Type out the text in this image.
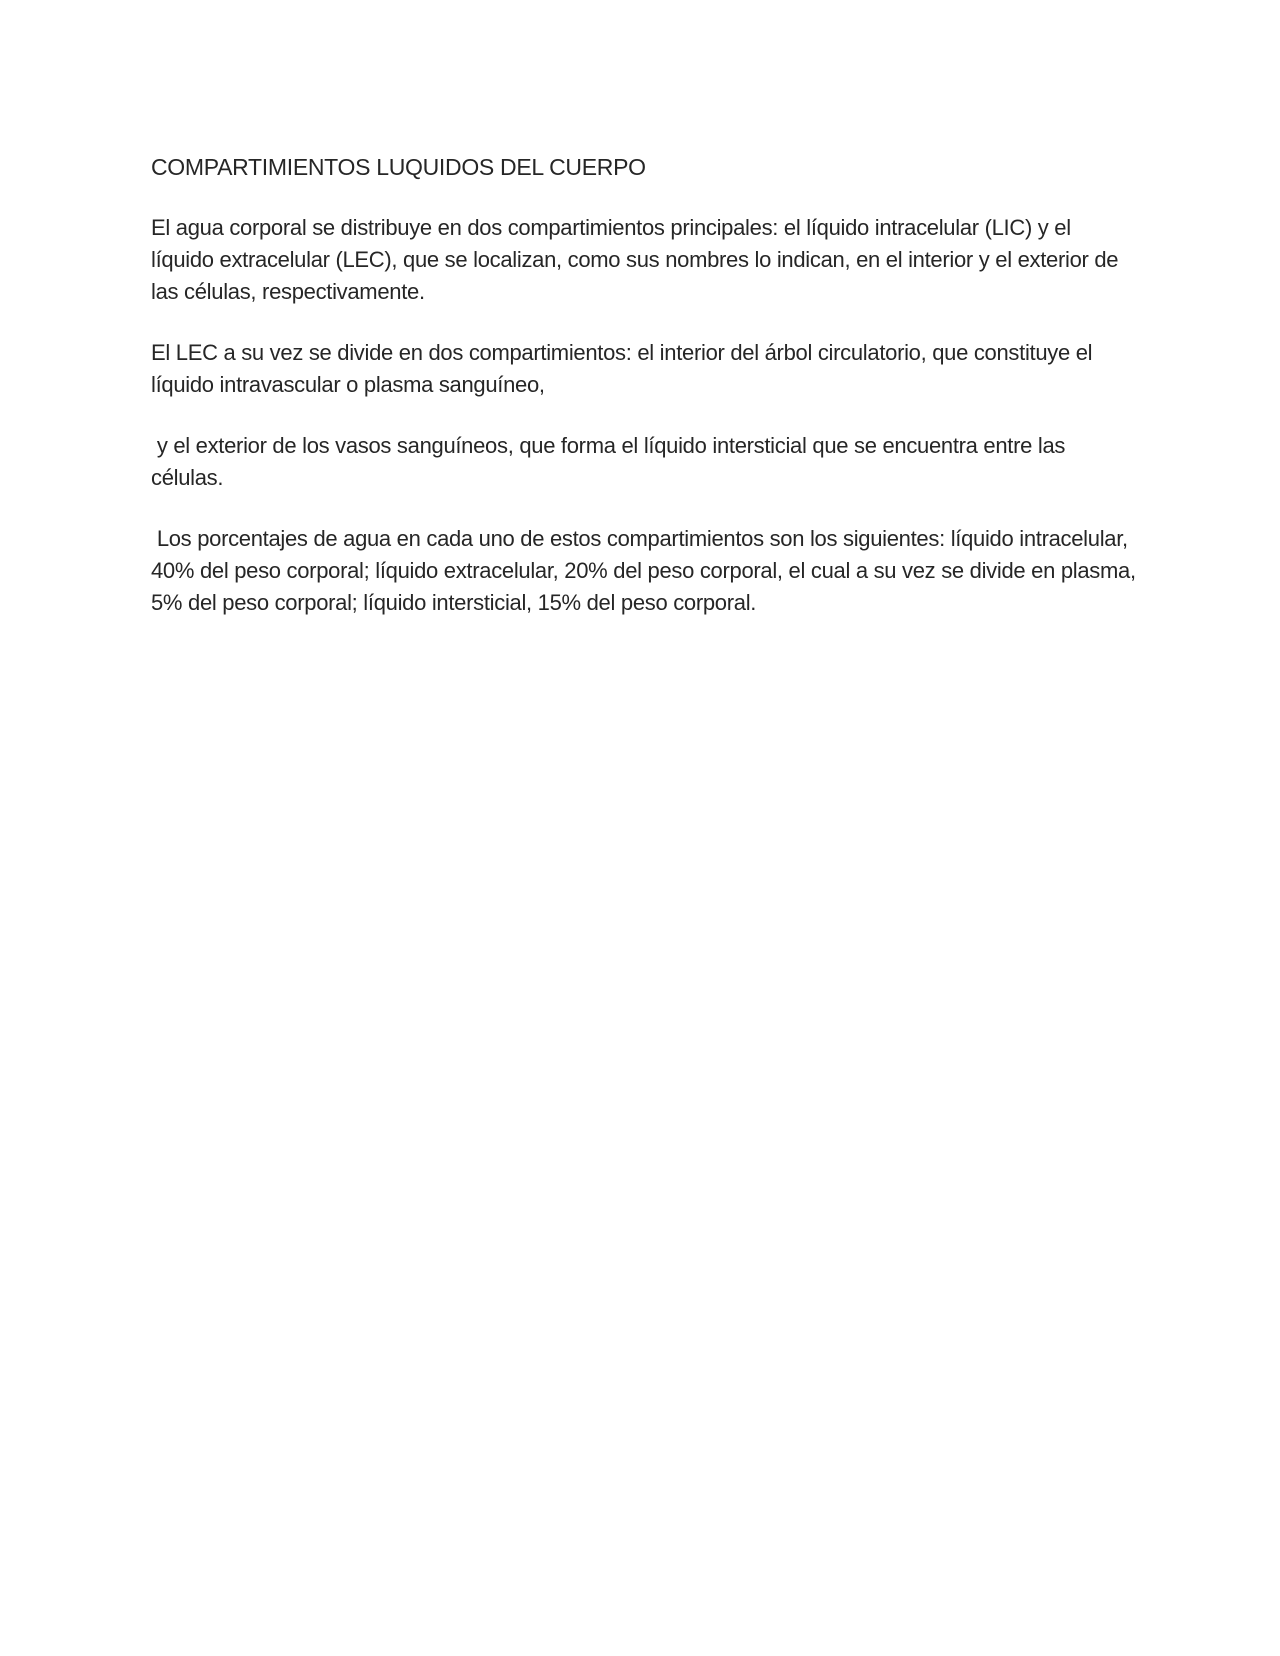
COMPARTIMIENTOS LUQUIDOS DEL CUERPO

El agua corporal se distribuye en dos compartimientos principales: el líquido intracelular (LIC) y el líquido extracelular (LEC), que se localizan, como sus nombres lo indican, en el interior y el exterior de las células, respectivamente.

El LEC a su vez se divide en dos compartimientos: el interior del árbol circulatorio, que constituye el líquido intravascular o plasma sanguíneo,

y el exterior de los vasos sanguíneos, que forma el líquido intersticial que se encuentra entre las células.

Los porcentajes de agua en cada uno de estos compartimientos son los siguientes: líquido intracelular, 40% del peso corporal; líquido extracelular, 20% del peso corporal, el cual a su vez se divide en plasma, 5% del peso corporal; líquido intersticial, 15% del peso corporal.
